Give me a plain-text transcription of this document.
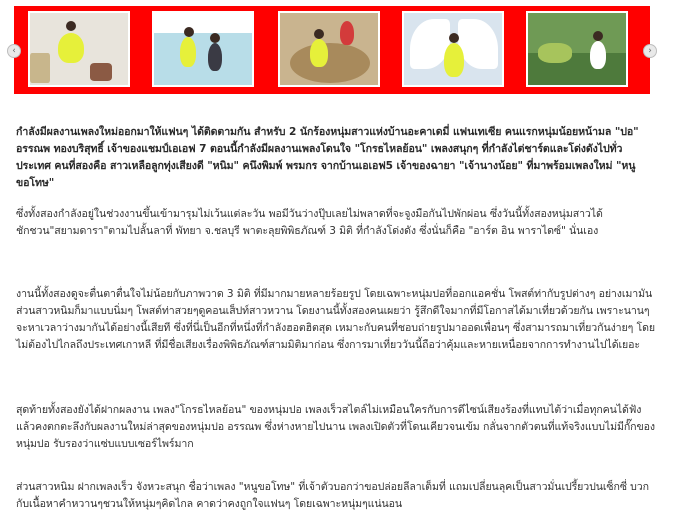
‹	›

กำลังมีผลงานเพลงใหม่ออกมาให้แฟนๆ ได้ติดตามกัน สำหรับ 2 นักร้องหนุ่มสาวแห่งบ้านอะคาเดมี่ แฟนเทเซีย คนแรกหนุ่มน้อยหน้ามล "ปอ" อรรณพ ทองบริสุทธิ์ เจ้าของแชมป์เอเอฟ 7 ตอนนี้กำลังมีผลงานเพลงโดนใจ "โกรธไหลย้อน" เพลงสนุกๆ ที่กำลังไต่ชาร์ตและโด่งดังไปทั่วประเทศ คนที่สองคือ สาวเหลือลูกทุ่งเสียงดี "หนิม" คนึงพิมพ์ พรมกร จากบ้านเอเอฟ5 เจ้าของฉายา "เจ้านางน้อย" ที่มาพร้อมเพลงใหม่ "หนูขอโทษ"

ซึ่งทั้งสองกำลังอยู่ในช่วงงานขึ้นเข้ามารุมไม่เว้นแต่ละวัน พอมีวันว่างปุ๊บเลยไม่พลาดที่จะจูงมือกันไปพักผ่อน ซึ่งวันนี้ทั้งสองหนุ่มสาวได้ชักชวน"สยามดารา"ตามไปลั้นลาที่ พัทยา จ.ชลบุรี พาตะลุยพิพิธภัณฑ์ 3 มิติ ที่กำลังโด่งดัง ซึ่งนั่นก็คือ "อาร์ต อิน พาราไดซ์" นั่นเอง

งานนี้ทั้งสองดูจะตื่นตาตื่นใจไม่น้อยกับภาพวาด 3 มิติ ที่มีมากมายหลายร้อยรูป โดยเฉพาะหนุ่มปอที่ออกแอคชั่น โพสต์ท่ากับรูปต่างๆ อย่างเมามัน ส่วนสาวหนิมก็มาแบบนิ่มๆ โพสต์ท่าสวยๆดูคอนเส็ปท์สาวหวาน โดยงานนี้ทั้งสองคนเผยว่า รู้สึกดีใจมากที่มีโอกาสได้มาเที่ยวด้วยกัน เพราะนานๆ จะหาเวลาว่างมากันได้อย่างนี้เสียที ซึ่งที่นี่เป็นอีกที่หนึ่งที่กำลังฮอตฮิตสุด เหมาะกับคนที่ชอบถ่ายรูปมาออดเพื่อนๆ ซึ่งสามารถมาเที่ยวกันง่ายๆ โดยไม่ต้องไปไกลถึงประเทศเกาหลี ที่มีชื่อเสียงเรื่องพิพิธภัณฑ์สามมิติมาก่อน ซึ่งการมาเที่ยววันนี้ถือว่าคุ้มและหายเหนื่อยจากการทำงานไปได้เยอะ

สุดท้ายทั้งสองยังได้ฝากผลงาน เพลง"โกรธไหลย้อน" ของหนุ่มปอ เพลงเร็วสไตล์ไม่เหมือนใครกับการดีไซน์เสียงร้องที่แทบไต้ว่าเมื่อทุกคนได้ฟังแล้วคงตกตะลึงกับผลงานใหม่ล่าสุดของหนุ่มปอ อรรณพ ซึ่งห่างหายไปนาน เพลงเปิดตัวที่โดนเคียวจนเข้ม กลั่นจากตัวตนที่แท้จริงแบบไม่มีกั๊กของหนุ่มปอ รับรองว่าแซ่บแบบเซอร์ไพร์มาก

ส่วนสาวหนิม ฝากเพลงเร็ว จังหวะสนุก ชื่อว่าเพลง "หนูขอโทษ" ที่เจ้าตัวบอกว่าขอปล่อยลีลาเต็มที่ แถมเปลี่ยนลุคเป็นสาวมั่นเปรี้ยวปนเซ็กซี่ บวกกับเนื้อหาคำหวานๆชวนให้หนุ่มๆคิดไกล คาดว่าคงถูกใจแฟนๆ โดยเฉพาะหนุ่มๆแน่นอน
